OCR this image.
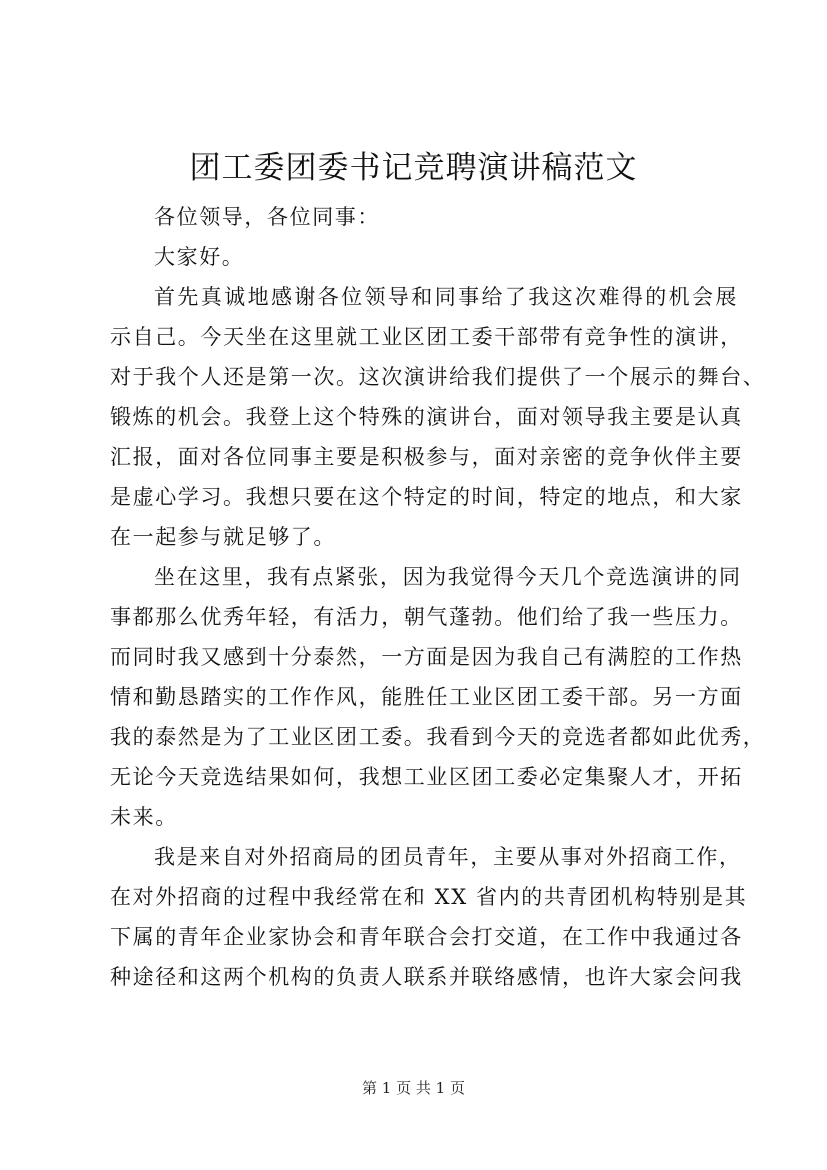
团工委团委书记竞聘演讲稿范文
各位领导，各位同事：
大家好。
首先真诚地感谢各位领导和同事给了我这次难得的机会展
示自己。今天坐在这里就工业区团工委干部带有竞争性的演讲，
对于我个人还是第一次。这次演讲给我们提供了一个展示的舞台、
锻炼的机会。我登上这个特殊的演讲台，面对领导我主要是认真
汇报，面对各位同事主要是积极参与，面对亲密的竞争伙伴主要
是虚心学习。我想只要在这个特定的时间，特定的地点，和大家
在一起参与就足够了。
坐在这里，我有点紧张，因为我觉得今天几个竞选演讲的同
事都那么优秀年轻，有活力，朝气蓬勃。他们给了我一些压力。
而同时我又感到十分泰然，一方面是因为我自己有满腔的工作热
情和勤恳踏实的工作作风，能胜任工业区团工委干部。另一方面
我的泰然是为了工业区团工委。我看到今天的竞选者都如此优秀，
无论今天竞选结果如何，我想工业区团工委必定集聚人才，开拓
未来。
我是来自对外招商局的团员青年，主要从事对外招商工作，
在对外招商的过程中我经常在和 XX 省内的共青团机构特别是其
下属的青年企业家协会和青年联合会打交道，在工作中我通过各
种途径和这两个机构的负责人联系并联络感情，也许大家会问我
第 1 页 共 1 页
